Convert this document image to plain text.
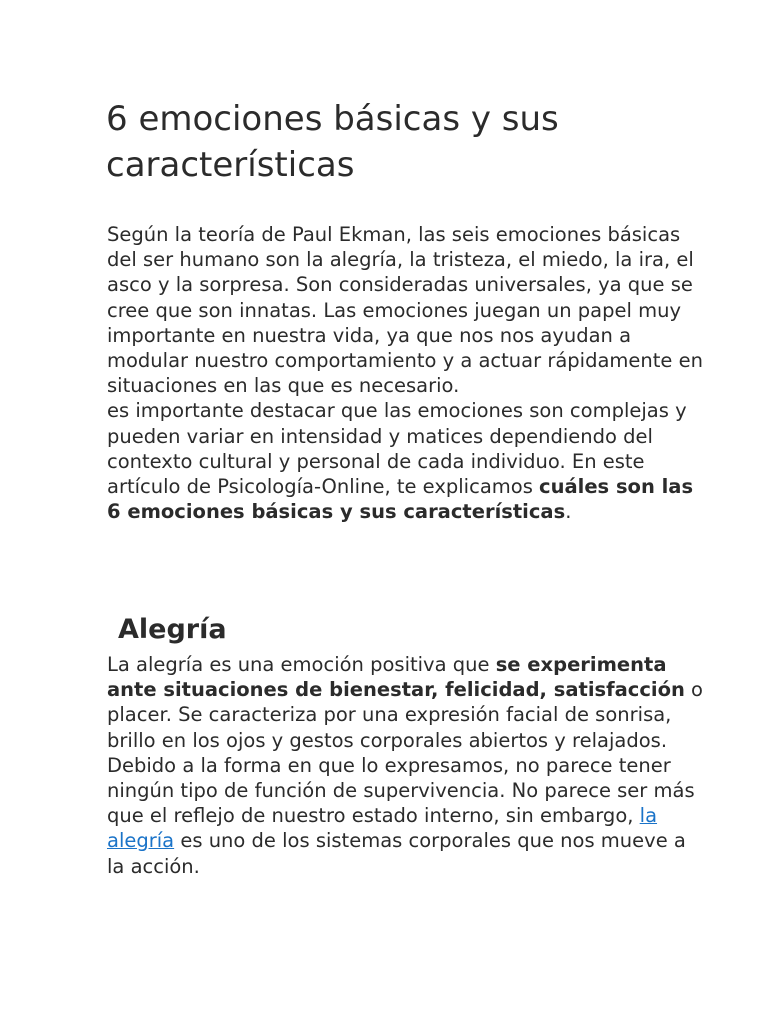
6 emociones básicas y sus características

Según la teoría de Paul Ekman, las seis emociones básicas del ser humano son la alegría, la tristeza, el miedo, la ira, el asco y la sorpresa. Son consideradas universales, ya que se cree que son innatas. Las emociones juegan un papel muy importante en nuestra vida, ya que nos nos ayudan a modular nuestro comportamiento y a actuar rápidamente en situaciones en las que es necesario.

es importante destacar que las emociones son complejas y pueden variar en intensidad y matices dependiendo del contexto cultural y personal de cada individuo. En este artículo de Psicología-Online, te explicamos cuáles son las 6 emociones básicas y sus características.

Alegría

La alegría es una emoción positiva que se experimenta ante situaciones de bienestar, felicidad, satisfacción o placer. Se caracteriza por una expresión facial de sonrisa, brillo en los ojos y gestos corporales abiertos y relajados. Debido a la forma en que lo expresamos, no parece tener ningún tipo de función de supervivencia. No parece ser más que el reflejo de nuestro estado interno, sin embargo, la alegría es uno de los sistemas corporales que nos mueve a la acción.
